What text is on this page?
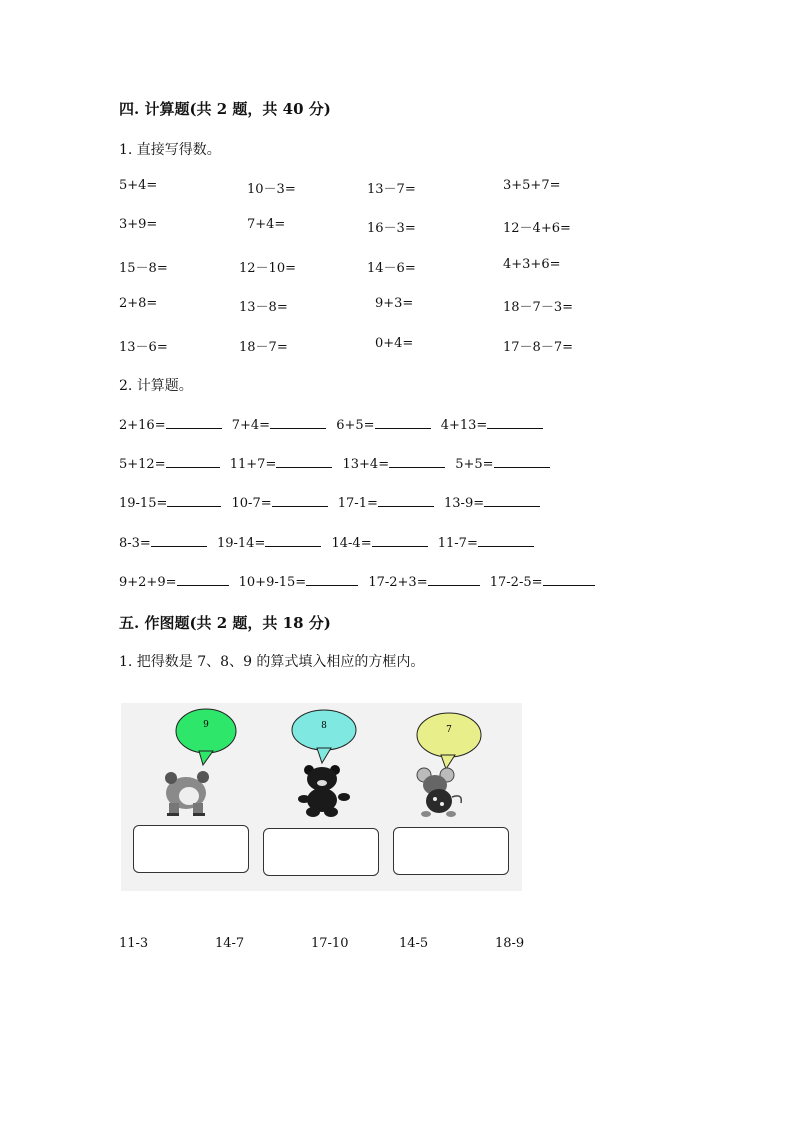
四. 计算题(共 2 题，共 40 分)
1. 直接写得数。
5+4=	10－3=	13－7=	3+5+7=
3+9=	7+4=	16－3=	12－4+6=
15－8=	12－10=	14－6=	4+3+6=
2+8=	13－8=	9+3=	18－7－3=
13－6=	18－7=	0+4=	17－8－7=
2. 计算题。
2+16=	7+4=	6+5=	4+13=
5+12=	11+7=	13+4=	5+5=
19-15=	10-7=	17-1=	13-9=
8-3=	19-14=	14-4=	11-7=
9+2+9=	10+9-15=	17-2+3=	17-2-5=
五. 作图题(共 2 题，共 18 分)
1. 把得数是 7、8、9 的算式填入相应的方框内。
9	8	7
11-3	14-7	17-10	14-5	18-9
